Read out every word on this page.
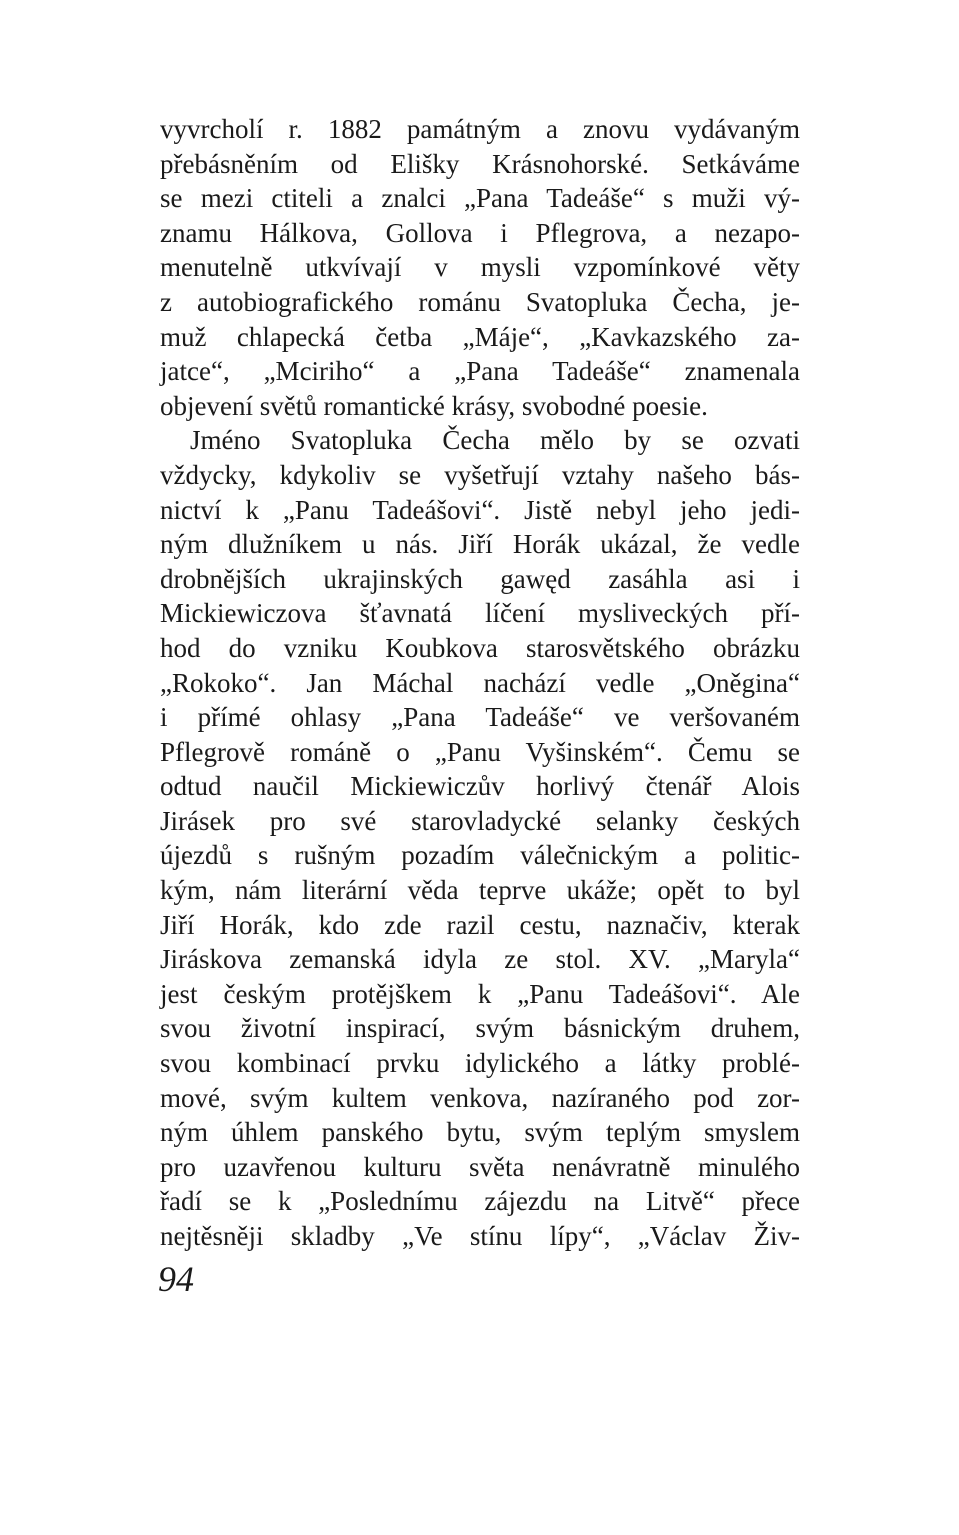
vyvrcholí r. 1882 památným a znovu vydávaným
přebásněním od Elišky Krásnohorské. Setkáváme
se mezi ctiteli a znalci „Pana Tadeáše“ s muži vý-
znamu Hálkova, Gollova i Pflegrova, a nezapo-
menutelně utkvívají v mysli vzpomínkové věty
z autobiografického románu Svatopluka Čecha, je-
muž chlapecká četba „Máje“, „Kavkazského za-
jatce“, „Mciriho“ a „Pana Tadeáše“ znamenala
objevení světů romantické krásy, svobodné poesie.
Jméno Svatopluka Čecha mělo by se ozvati
vždycky, kdykoliv se vyšetřují vztahy našeho bás-
nictví k „Panu Tadeášovi“. Jistě nebyl jeho jedi-
ným dlužníkem u nás. Jiří Horák ukázal, že vedle
drobnějších ukrajinských gawęd zasáhla asi i
Mickiewiczova šťavnatá líčení mysliveckých pří-
hod do vzniku Koubkova starosvětského obrázku
„Rokoko“. Jan Máchal nachází vedle „Oněgina“
i přímé ohlasy „Pana Tadeáše“ ve veršovaném
Pflegrově románě o „Panu Vyšinském“. Čemu se
odtud naučil Mickiewiczův horlivý čtenář Alois
Jirásek pro své starovladycké selanky českých
újezdů s rušným pozadím válečnickým a politic-
kým, nám literární věda teprve ukáže; opět to byl
Jiří Horák, kdo zde razil cestu, naznačiv, kterak
Jiráskova zemanská idyla ze stol. XV. „Maryla“
jest českým protějškem k „Panu Tadeášovi“. Ale
svou životní inspirací, svým básnickým druhem,
svou kombinací prvku idylického a látky problé-
mové, svým kultem venkova, nazíraného pod zor-
ným úhlem panského bytu, svým teplým smyslem
pro uzavřenou kulturu světa nenávratně minulého
řadí se k „Poslednímu zájezdu na Litvě“ přece
nejtěsněji skladby „Ve stínu lípy“, „Václav Živ-
94
